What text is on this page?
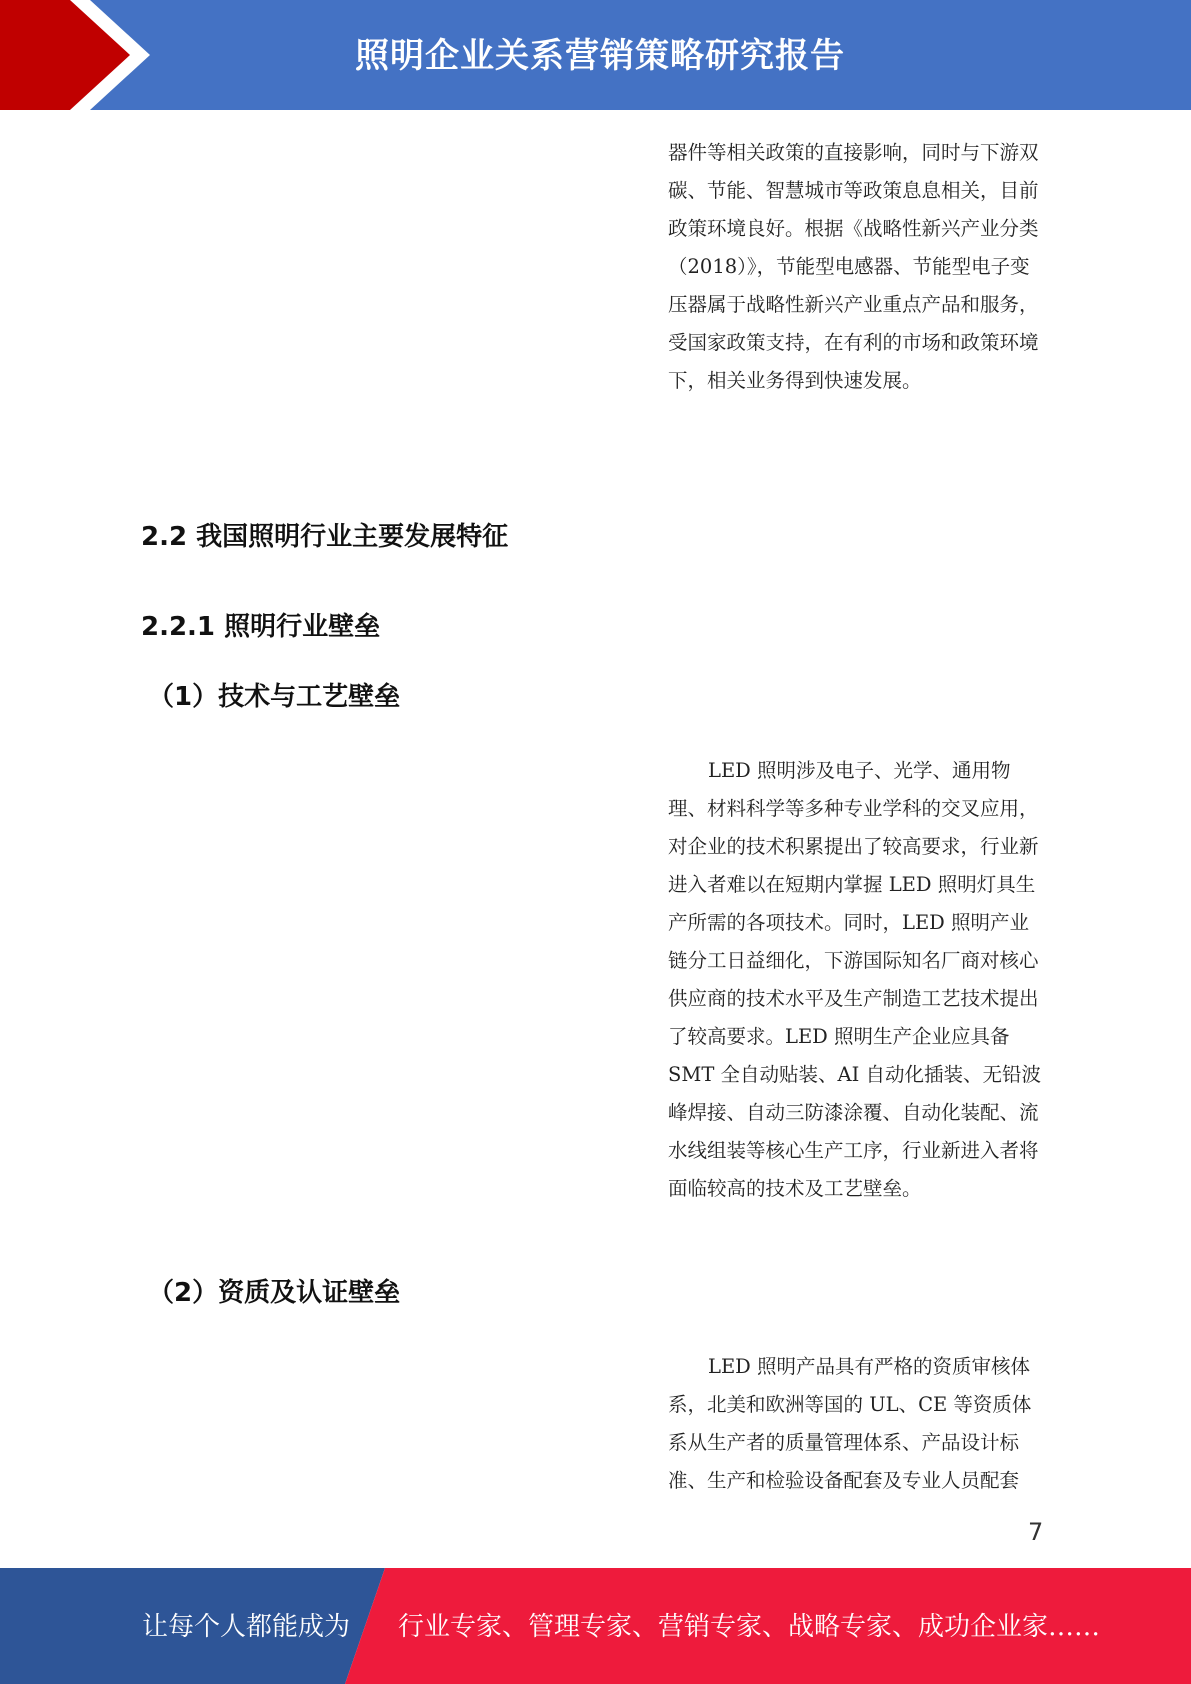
照明企业关系营销策略研究报告

器件等相关政策的直接影响，同时与下游双碳、节能、智慧城市等政策息息相关，目前政策环境良好。根据《战略性新兴产业分类（2018）》，节能型电感器、节能型电子变压器属于战略性新兴产业重点产品和服务，受国家政策支持，在有利的市场和政策环境下，相关业务得到快速发展。

2.2 我国照明行业主要发展特征
2.2.1 照明行业壁垒
（1）技术与工艺壁垒

LED 照明涉及电子、光学、通用物理、材料科学等多种专业学科的交叉应用，对企业的技术积累提出了较高要求，行业新进入者难以在短期内掌握 LED 照明灯具生产所需的各项技术。同时，LED 照明产业链分工日益细化，下游国际知名厂商对核心供应商的技术水平及生产制造工艺技术提出了较高要求。LED 照明生产企业应具备 SMT 全自动贴装、AI 自动化插装、无铅波峰焊接、自动三防漆涂覆、自动化装配、流水线组装等核心生产工序，行业新进入者将面临较高的技术及工艺壁垒。

（2）资质及认证壁垒

LED 照明产品具有严格的资质审核体系，北美和欧洲等国的 UL、CE 等资质体系从生产者的质量管理体系、产品设计标准、生产和检验设备配套及专业人员配套

7
让每个人都能成为 行业专家、管理专家、营销专家、战略专家、成功企业家……
